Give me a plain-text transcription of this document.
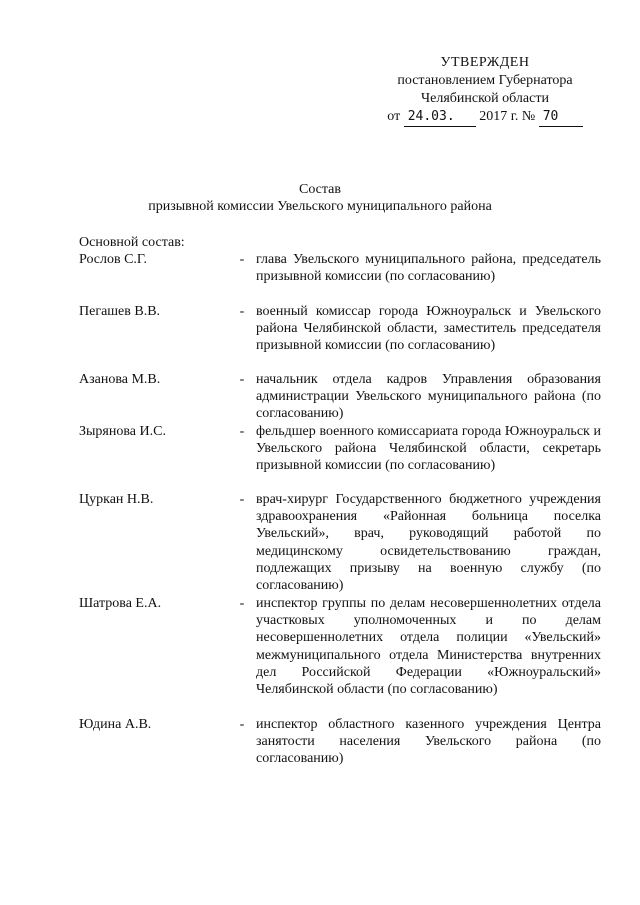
УТВЕРЖДЕН
постановлением Губернатора
Челябинской области
от 24.03. 2017 г. № 70
Состав
призывной комиссии Увельского муниципального района
Основной состав:
Рослов С.Г.	- глава Увельского муниципального района, председатель призывной комиссии (по согласованию)
Пегашев В.В.	- военный комиссар города Южноуральск и Увельского района Челябинской области, заместитель председателя призывной комиссии (по согласованию)
Азанова М.В.	- начальник отдела кадров Управления образования администрации Увельского муниципального района (по согласованию)
Зырянова И.С.	- фельдшер военного комиссариата города Южноуральск и Увельского района Челябинской области, секретарь призывной комиссии (по согласованию)
Цуркан Н.В.	- врач-хирург Государственного бюджетного учреждения здравоохранения «Районная больница поселка Увельский», врач, руководящий работой по медицинскому освидетельствованию граждан, подлежащих призыву на военную службу (по согласованию)
Шатрова Е.А.	- инспектор группы по делам несовершеннолетних отдела участковых уполномоченных и по делам несовершеннолетних отдела полиции «Увельский» межмуниципального отдела Министерства внутренних дел Российской Федерации «Южноуральский» Челябинской области (по согласованию)
Юдина А.В.	- инспектор областного казенного учреждения Центра занятости населения Увельского района (по согласованию)
